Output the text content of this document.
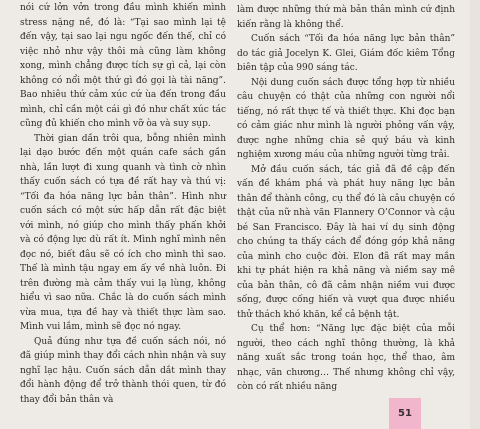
nói cứ lởn vởn trong đầu mình khiến mình stress nặng nề, đó là: “Tại sao mình lại tệ đến vậy, tại sao lại ngu ngốc đến thế, chỉ có việc nhỏ như vậy thôi mà cũng làm không xong, mình chẳng được tích sự gì cả, lại còn không có nổi một thứ gì đó gọi là tài năng”. Bao nhiêu thứ cảm xúc cứ ùa đến trong đầu mình, chỉ cần một cái gì đó như chất xúc tác cũng đủ khiến cho mình vỡ òa và suy sụp.

Thời gian dần trôi qua, bỗng nhiên mình lại dạo bước đến một quán cafe sách gần nhà, lần lượt đi xung quanh và tình cờ nhìn thấy cuốn sách có tựa đề rất hay và thú vị: “Tối đa hóa năng lực bản thân”. Hình như cuốn sách có một sức hấp dẫn rất đặc biệt với mình, nó giúp cho mình thấy phấn khởi và có động lực dù rất ít. Mình nghĩ mình nên đọc nó, biết đâu sẽ có ích cho mình thì sao. Thế là mình tậu ngay em ấy về nhà luôn. Đi trên đường mà cảm thấy vui lạ lùng, không hiểu vì sao nữa. Chắc là do cuốn sách mình vừa mua, tựa đề hay và thiết thực làm sao. Mình vui lắm, mình sẽ đọc nó ngay.

Quả đúng như tựa đề cuốn sách nói, nó đã giúp mình thay đổi cách nhìn nhận và suy nghĩ lạc hậu. Cuốn sách dẫn dắt mình thay đổi hành động để trở thành thói quen, từ đó thay đổi bản thân và

làm được những thứ mà bản thân mình cứ định kiến rằng là không thể.

Cuốn sách “Tối đa hóa năng lực bản thân” do tác giả Jocelyn K. Glei, Giám đốc kiêm Tổng biên tập của 990 sáng tác.

Nội dung cuốn sách được tổng hợp từ nhiều câu chuyện có thật của những con người nổi tiếng, nó rất thực tế và thiết thực. Khi đọc bạn có cảm giác như mình là người phỏng vấn vậy, được nghe những chia sẻ quý báu và kinh nghiệm xương máu của những người từng trải.

Mở đầu cuốn sách, tác giả đã đề cập đến vấn đề khám phá và phát huy năng lực bản thân để thành công, cụ thể đó là câu chuyện có thật của nữ nhà văn Flannery O’Connor và cậu bé San Francisco. Đây là hai ví dụ sinh động cho chúng ta thấy cách để đóng góp khả năng của mình cho cuộc đời. Elon đã rất may mắn khi tự phát hiện ra khả năng và niềm say mê của bản thân, cô đã cảm nhận niềm vui được sống, được cống hiến và vượt qua được nhiều thử thách khó khăn, kể cả bệnh tật.

Cụ thể hơn: “Năng lực đặc biệt của mỗi người, theo cách nghĩ thông thường, là khả năng xuất sắc trong toán học, thể thao, âm nhạc, văn chương… Thế nhưng không chỉ vậy, còn có rất nhiều năng

51
